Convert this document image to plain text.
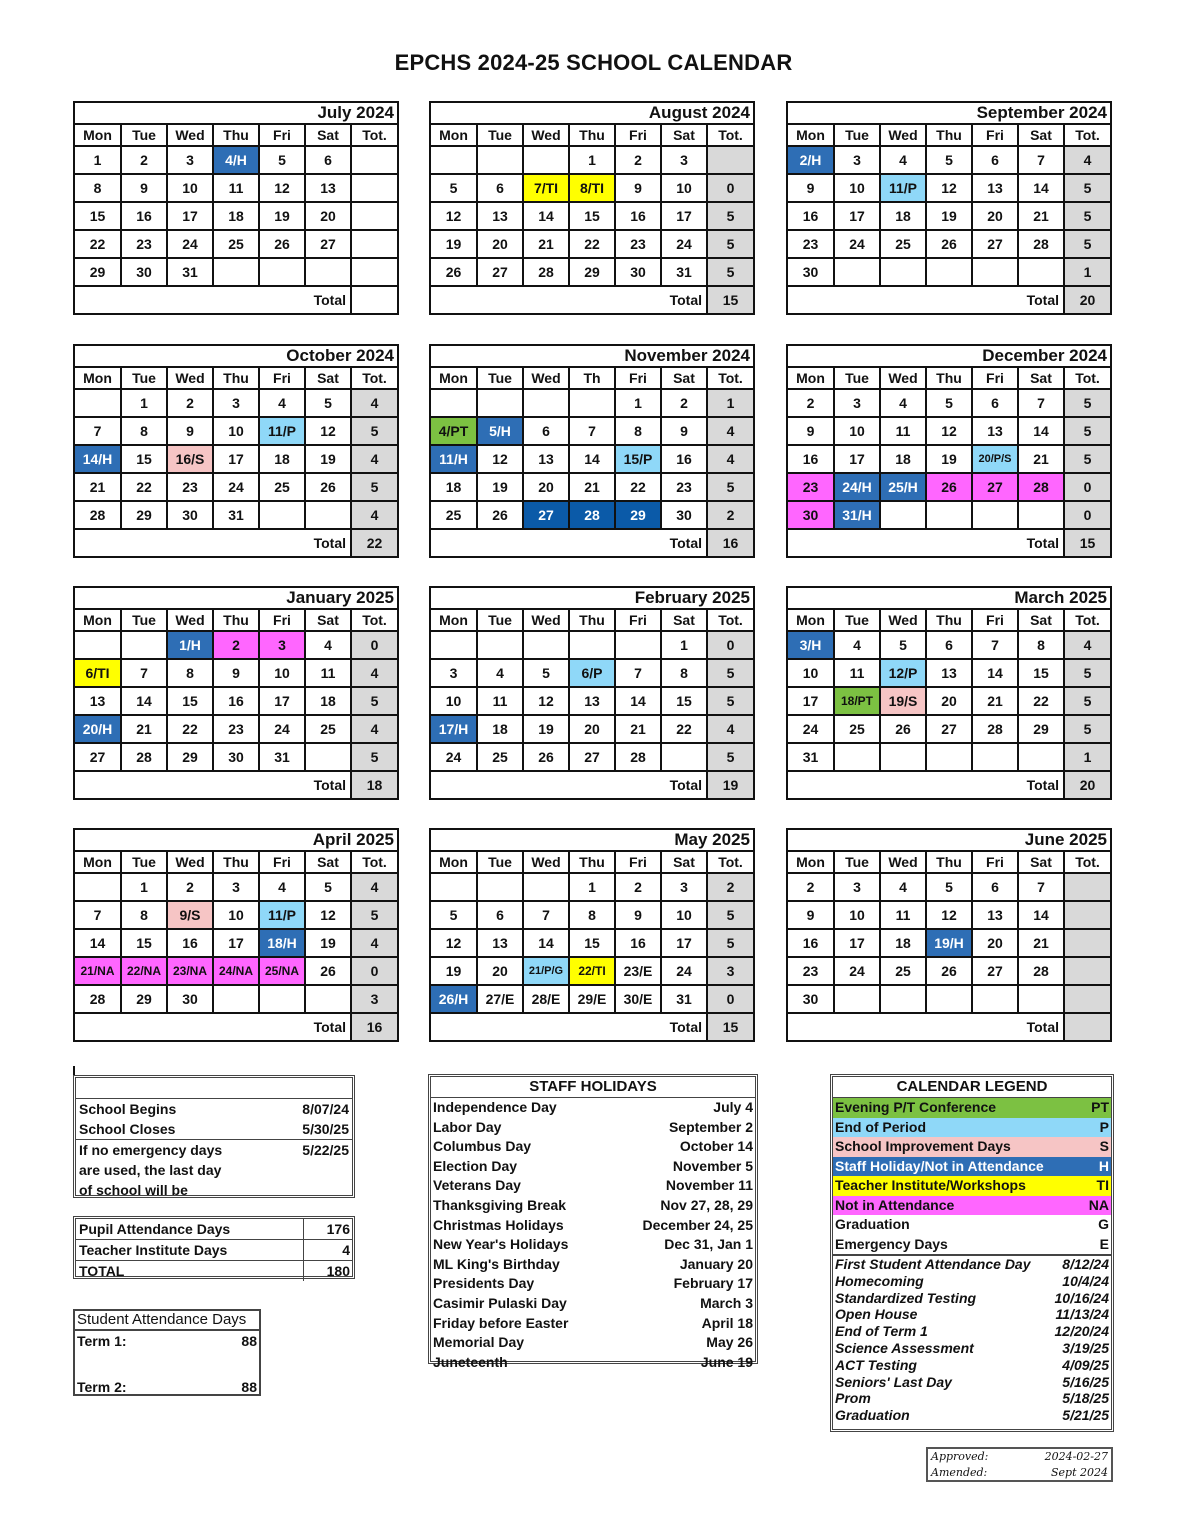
EPCHS 2024-25 SCHOOL CALENDAR
July 2024
Mon	Tue	Wed	Thu	Fri	Sat	Tot.
1	2	3	4/H	5	6	
8	9	10	11	12	13	
15	16	17	18	19	20	
22	23	24	25	26	27	
29	30	31				
Total						
August 2024
Mon	Tue	Wed	Thu	Fri	Sat	Tot.
			1	2	3	
5	6	7/TI	8/TI	9	10	0
12	13	14	15	16	17	5
19	20	21	22	23	24	5
26	27	28	29	30	31	5
Total						15
September 2024
Mon	Tue	Wed	Thu	Fri	Sat	Tot.
2/H	3	4	5	6	7	4
9	10	11/P	12	13	14	5
16	17	18	19	20	21	5
23	24	25	26	27	28	5
30						1
Total						20
October 2024
Mon	Tue	Wed	Thu	Fri	Sat	Tot.
	1	2	3	4	5	4
7	8	9	10	11/P	12	5
14/H	15	16/S	17	18	19	4
21	22	23	24	25	26	5
28	29	30	31			4
Total						22
November 2024
Mon	Tue	Wed	Th	Fri	Sat	Tot.
				1	2	1
4/PT	5/H	6	7	8	9	4
11/H	12	13	14	15/P	16	4
18	19	20	21	22	23	5
25	26	27	28	29	30	2
Total						16
December 2024
Mon	Tue	Wed	Thu	Fri	Sat	Tot.
2	3	4	5	6	7	5
9	10	11	12	13	14	5
16	17	18	19	20/P/S	21	5
23	24/H	25/H	26	27	28	0
30	31/H					0
Total						15
January 2025
Mon	Tue	Wed	Thu	Fri	Sat	Tot.
		1/H	2	3	4	0
6/TI	7	8	9	10	11	4
13	14	15	16	17	18	5
20/H	21	22	23	24	25	4
27	28	29	30	31		5
Total						18
February 2025
Mon	Tue	Wed	Thu	Fri	Sat	Tot.
					1	0
3	4	5	6/P	7	8	5
10	11	12	13	14	15	5
17/H	18	19	20	21	22	4
24	25	26	27	28		5
Total						19
March 2025
Mon	Tue	Wed	Thu	Fri	Sat	Tot.
3/H	4	5	6	7	8	4
10	11	12/P	13	14	15	5
17	18/PT	19/S	20	21	22	5
24	25	26	27	28	29	5
31						1
Total						20
April 2025
Mon	Tue	Wed	Thu	Fri	Sat	Tot.
	1	2	3	4	5	4
7	8	9/S	10	11/P	12	5
14	15	16	17	18/H	19	4
21/NA	22/NA	23/NA	24/NA	25/NA	26	0
28	29	30				3
Total						16
May 2025
Mon	Tue	Wed	Thu	Fri	Sat	Tot.
			1	2	3	2
5	6	7	8	9	10	5
12	13	14	15	16	17	5
19	20	21/P/G	22/TI	23/E	24	3
26/H	27/E	28/E	29/E	30/E	31	0
Total						15
June 2025
Mon	Tue	Wed	Thu	Fri	Sat	Tot.
2	3	4	5	6	7	
9	10	11	12	13	14	
16	17	18	19/H	20	21	
23	24	25	26	27	28	
30						
Total						
School Begins	8/07/24
School Closes	5/30/25
If no emergency days	5/22/25
are used, the last day
of school will be
Pupil Attendance Days	176
Teacher Institute Days	4
TOTAL	180
Student Attendance Days
Term 1:	88
Term 2:	88
STAFF HOLIDAYS
Independence Day	July 4
Labor Day	September 2
Columbus Day	October 14
Election Day	November 5
Veterans Day	November 11
Thanksgiving Break	Nov 27, 28, 29
Christmas Holidays	December 24, 25
New Year's Holidays	Dec 31, Jan 1
ML King's Birthday	January 20
Presidents Day	February 17
Casimir Pulaski Day	March 3
Friday before Easter	April 18
Memorial Day	May 26
Juneteenth	June 19
CALENDAR LEGEND
Evening P/T Conference	PT
End of Period	P
School Improvement Days	S
Staff Holiday/Not in Attendance	H
Teacher Institute/Workshops	TI
Not in Attendance	NA
Graduation	G
Emergency Days	E
First Student Attendance Day 8/12/24
Homecoming	10/4/24
Standardized Testing	10/16/24
Open House	11/13/24
End of Term 1	12/20/24
Science Assessment	3/19/25
ACT Testing	4/09/25
Seniors' Last Day	5/16/25
Prom	5/18/25
Graduation	5/21/25
Approved:	2024-02-27
Amended:	Sept 2024
